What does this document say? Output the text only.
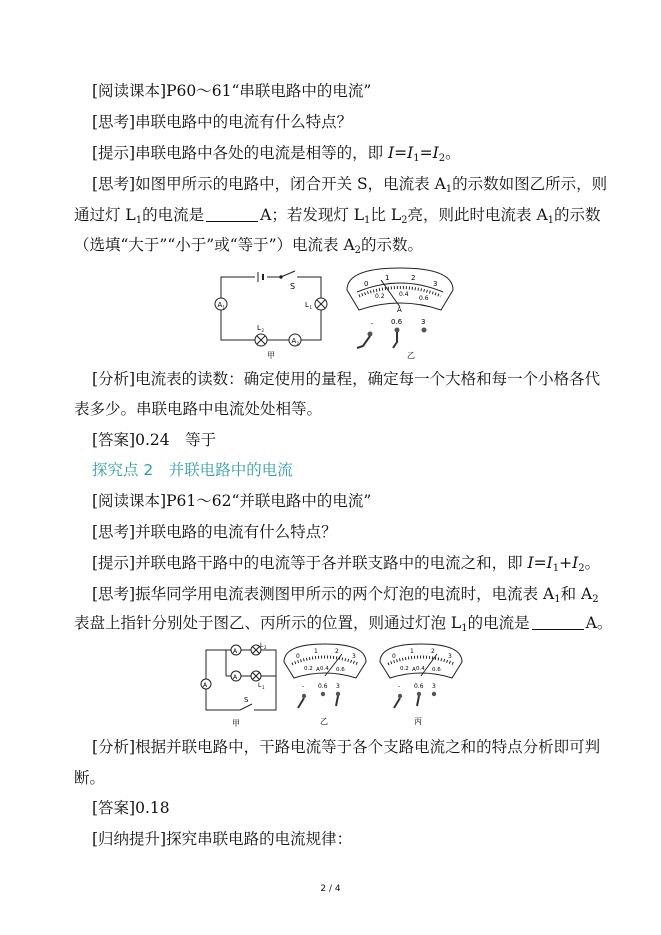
[阅读课本]P60～61“串联电路中的电流”
[思考]串联电路中的电流有什么特点？
[提示]串联电路中各处的电流是相等的，即 $I=I_1=I_2$。
[思考]如图甲所示的电路中，闭合开关 S，电流表 $A_1$的示数如图乙所示，则
通过灯 $L_1$的电流是	A；若发现灯 $L_1$比 $L_2$亮，则此时电流表 $A_1$的示数
（选填“大于”“小于”或“等于”）电流表 $A_2$的示数。
S
A 1	L 1
L 2
A 2
甲
0
1	2
3
0.2 0.4
0.6
A
0.6	3
-
乙
[分析]电流表的读数：确定使用的量程，确定每一个大格和每一个小格各代
表多少。串联电路中电流处处相等。
[答案]0.24　等于
探究点 2　并联电路中的电流
[阅读课本]P61～62“并联电路中的电流”
[思考]并联电路的电流有什么特点？
[提示]并联电路干路中的电流等于各并联支路中的电流之和，即 $I=I_1+I_2$。
[思考]振华同学用电流表测图甲所示的两个灯泡的电流时，电流表 $A_1$和 $A_2$
表盘上指针分别处于图乙、丙所示的位置，则通过灯泡 $L_1$的电流是	A。
A
L 2
A
L 1
A
S
甲
0
1	2
3
0.2 0.4 0.6
A
0.6 3
-
乙
0
1	2
3
0.2 0.4 0.6
A
0.6 3
-
丙
[分析]根据并联电路中，干路电流等于各个支路电流之和的特点分析即可判
断。
[答案]0.18
[归纳提升]探究串联电路的电流规律：
2 / 4
